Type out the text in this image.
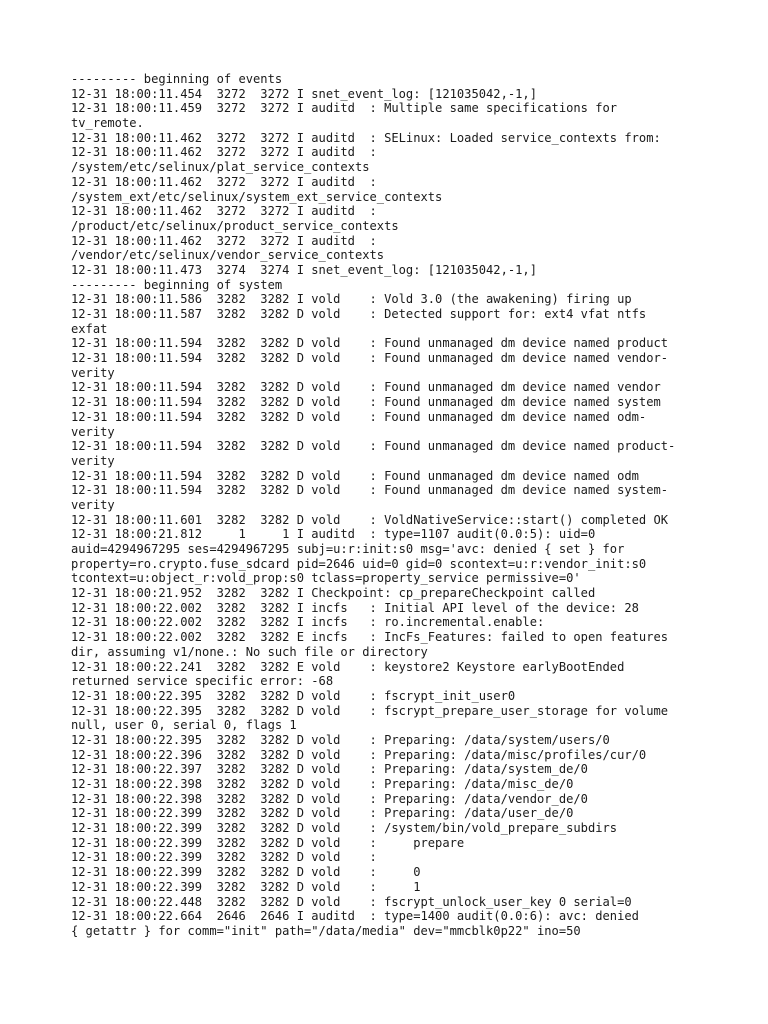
--------- beginning of events

12-31 18:00:11.454  3272  3272 I snet_event_log: [121035042,-1,]

12-31 18:00:11.459  3272  3272 I auditd  : Multiple same specifications for

tv_remote.

12-31 18:00:11.462  3272  3272 I auditd  : SELinux: Loaded service_contexts from:

12-31 18:00:11.462  3272  3272 I auditd  :

/system/etc/selinux/plat_service_contexts

12-31 18:00:11.462  3272  3272 I auditd  :

/system_ext/etc/selinux/system_ext_service_contexts

12-31 18:00:11.462  3272  3272 I auditd  :

/product/etc/selinux/product_service_contexts

12-31 18:00:11.462  3272  3272 I auditd  :

/vendor/etc/selinux/vendor_service_contexts

12-31 18:00:11.473  3274  3274 I snet_event_log: [121035042,-1,]

--------- beginning of system

12-31 18:00:11.586  3282  3282 I vold    : Vold 3.0 (the awakening) firing up

12-31 18:00:11.587  3282  3282 D vold    : Detected support for: ext4 vfat ntfs

exfat

12-31 18:00:11.594  3282  3282 D vold    : Found unmanaged dm device named product

12-31 18:00:11.594  3282  3282 D vold    : Found unmanaged dm device named vendor-

verity

12-31 18:00:11.594  3282  3282 D vold    : Found unmanaged dm device named vendor

12-31 18:00:11.594  3282  3282 D vold    : Found unmanaged dm device named system

12-31 18:00:11.594  3282  3282 D vold    : Found unmanaged dm device named odm-

verity

12-31 18:00:11.594  3282  3282 D vold    : Found unmanaged dm device named product-

verity

12-31 18:00:11.594  3282  3282 D vold    : Found unmanaged dm device named odm

12-31 18:00:11.594  3282  3282 D vold    : Found unmanaged dm device named system-

verity

12-31 18:00:11.601  3282  3282 D vold    : VoldNativeService::start() completed OK

12-31 18:00:21.812     1     1 I auditd  : type=1107 audit(0.0:5): uid=0

auid=4294967295 ses=4294967295 subj=u:r:init:s0 msg='avc: denied { set } for

property=ro.crypto.fuse_sdcard pid=2646 uid=0 gid=0 scontext=u:r:vendor_init:s0

tcontext=u:object_r:vold_prop:s0 tclass=property_service permissive=0'

12-31 18:00:21.952  3282  3282 I Checkpoint: cp_prepareCheckpoint called

12-31 18:00:22.002  3282  3282 I incfs   : Initial API level of the device: 28

12-31 18:00:22.002  3282  3282 I incfs   : ro.incremental.enable:

12-31 18:00:22.002  3282  3282 E incfs   : IncFs_Features: failed to open features

dir, assuming v1/none.: No such file or directory

12-31 18:00:22.241  3282  3282 E vold    : keystore2 Keystore earlyBootEnded

returned service specific error: -68

12-31 18:00:22.395  3282  3282 D vold    : fscrypt_init_user0

12-31 18:00:22.395  3282  3282 D vold    : fscrypt_prepare_user_storage for volume

null, user 0, serial 0, flags 1

12-31 18:00:22.395  3282  3282 D vold    : Preparing: /data/system/users/0

12-31 18:00:22.396  3282  3282 D vold    : Preparing: /data/misc/profiles/cur/0

12-31 18:00:22.397  3282  3282 D vold    : Preparing: /data/system_de/0

12-31 18:00:22.398  3282  3282 D vold    : Preparing: /data/misc_de/0

12-31 18:00:22.398  3282  3282 D vold    : Preparing: /data/vendor_de/0

12-31 18:00:22.399  3282  3282 D vold    : Preparing: /data/user_de/0

12-31 18:00:22.399  3282  3282 D vold    : /system/bin/vold_prepare_subdirs

12-31 18:00:22.399  3282  3282 D vold    :     prepare

12-31 18:00:22.399  3282  3282 D vold    :

12-31 18:00:22.399  3282  3282 D vold    :     0

12-31 18:00:22.399  3282  3282 D vold    :     1

12-31 18:00:22.448  3282  3282 D vold    : fscrypt_unlock_user_key 0 serial=0

12-31 18:00:22.664  2646  2646 I auditd  : type=1400 audit(0.0:6): avc: denied

{ getattr } for comm="init" path="/data/media" dev="mmcblk0p22" ino=50
